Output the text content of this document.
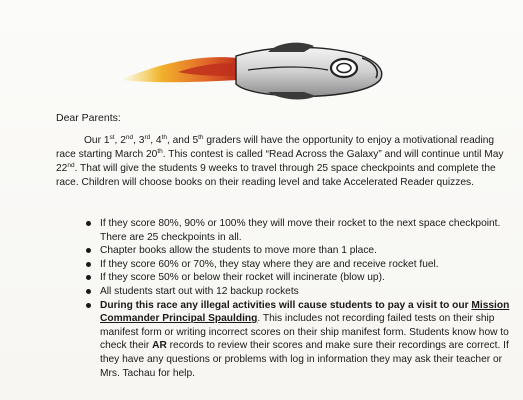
Dear Parents:

Our 1st, 2nd, 3rd, 4th, and 5th graders will have the opportunity to enjoy a motivational reading race starting March 20th. This contest is called “Read Across the Galaxy” and will continue until May 22nd. That will give the students 9 weeks to travel through 25 space checkpoints and complete the race. Children will choose books on their reading level and take Accelerated Reader quizzes.

If they score 80%, 90% or 100% they will move their rocket to the next space checkpoint. There are 25 checkpoints in all.
Chapter books allow the students to move more than 1 place.
If they score 60% or 70%, they stay where they are and receive rocket fuel.
If they score 50% or below their rocket will incinerate (blow up).
All students start out with 12 backup rockets
During this race any illegal activities will cause students to pay a visit to our Mission Commander Principal Spaulding. This includes not recording failed tests on their ship manifest form or writing incorrect scores on their ship manifest form. Students know how to check their AR records to review their scores and make sure their recordings are correct. If they have any questions or problems with log in information they may ask their teacher or Mrs. Tachau for help.
